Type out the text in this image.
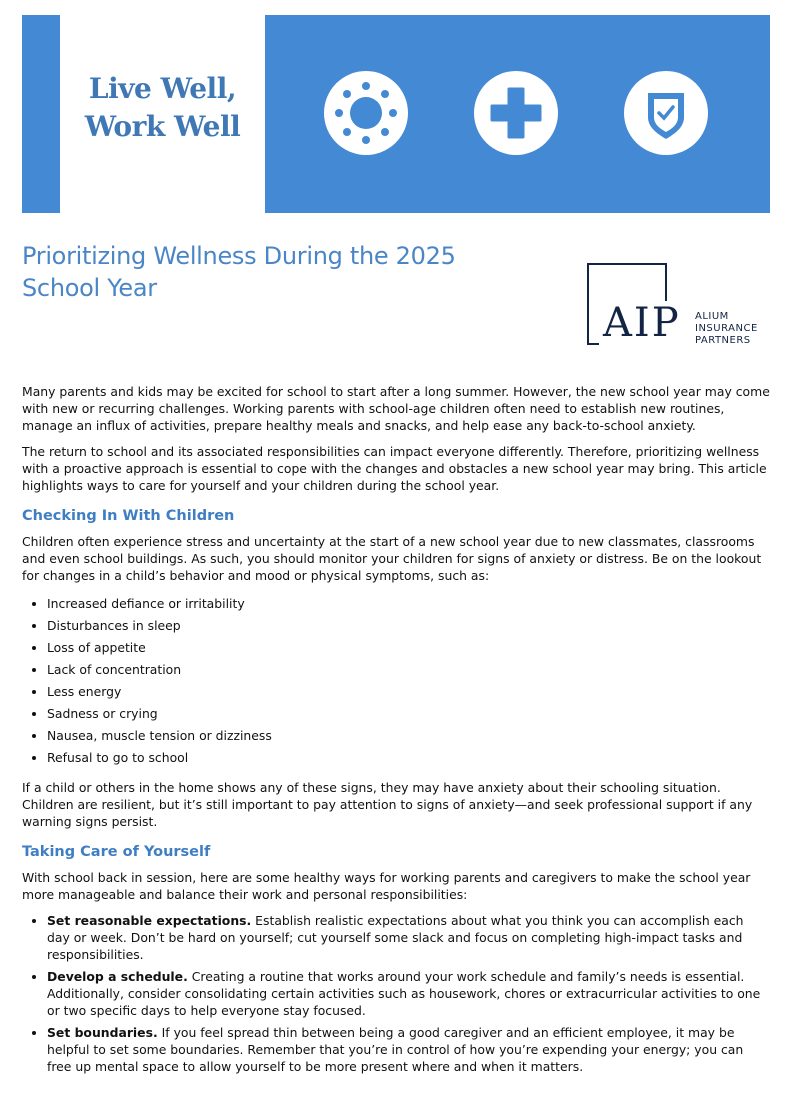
Live Well,
Work Well
Prioritizing Wellness During the 2025 School Year
AIP ALIUM
INSURANCE
PARTNERS

Many parents and kids may be excited for school to start after a long summer. However, the new school year may come with new or recurring challenges. Working parents with school-age children often need to establish new routines, manage an influx of activities, prepare healthy meals and snacks, and help ease any back-to-school anxiety.

The return to school and its associated responsibilities can impact everyone differently. Therefore, prioritizing wellness with a proactive approach is essential to cope with the changes and obstacles a new school year may bring. This article highlights ways to care for yourself and your children during the school year.

Checking In With Children

Children often experience stress and uncertainty at the start of a new school year due to new classmates, classrooms and even school buildings. As such, you should monitor your children for signs of anxiety or distress. Be on the lookout for changes in a child’s behavior and mood or physical symptoms, such as:

• Increased defiance or irritability
• Disturbances in sleep
• Loss of appetite
• Lack of concentration
• Less energy
• Sadness or crying
• Nausea, muscle tension or dizziness
• Refusal to go to school

If a child or others in the home shows any of these signs, they may have anxiety about their schooling situation. Children are resilient, but it’s still important to pay attention to signs of anxiety—and seek professional support if any warning signs persist.

Taking Care of Yourself

With school back in session, here are some healthy ways for working parents and caregivers to make the school year more manageable and balance their work and personal responsibilities:

• Set reasonable expectations. Establish realistic expectations about what you think you can accomplish each day or week. Don’t be hard on yourself; cut yourself some slack and focus on completing high-impact tasks and responsibilities.
• Develop a schedule. Creating a routine that works around your work schedule and family’s needs is essential. Additionally, consider consolidating certain activities such as housework, chores or extracurricular activities to one or two specific days to help everyone stay focused.
• Set boundaries. If you feel spread thin between being a good caregiver and an efficient employee, it may be helpful to set some boundaries. Remember that you’re in control of how you’re expending your energy; you can free up mental space to allow yourself to be more present where and when it matters.
